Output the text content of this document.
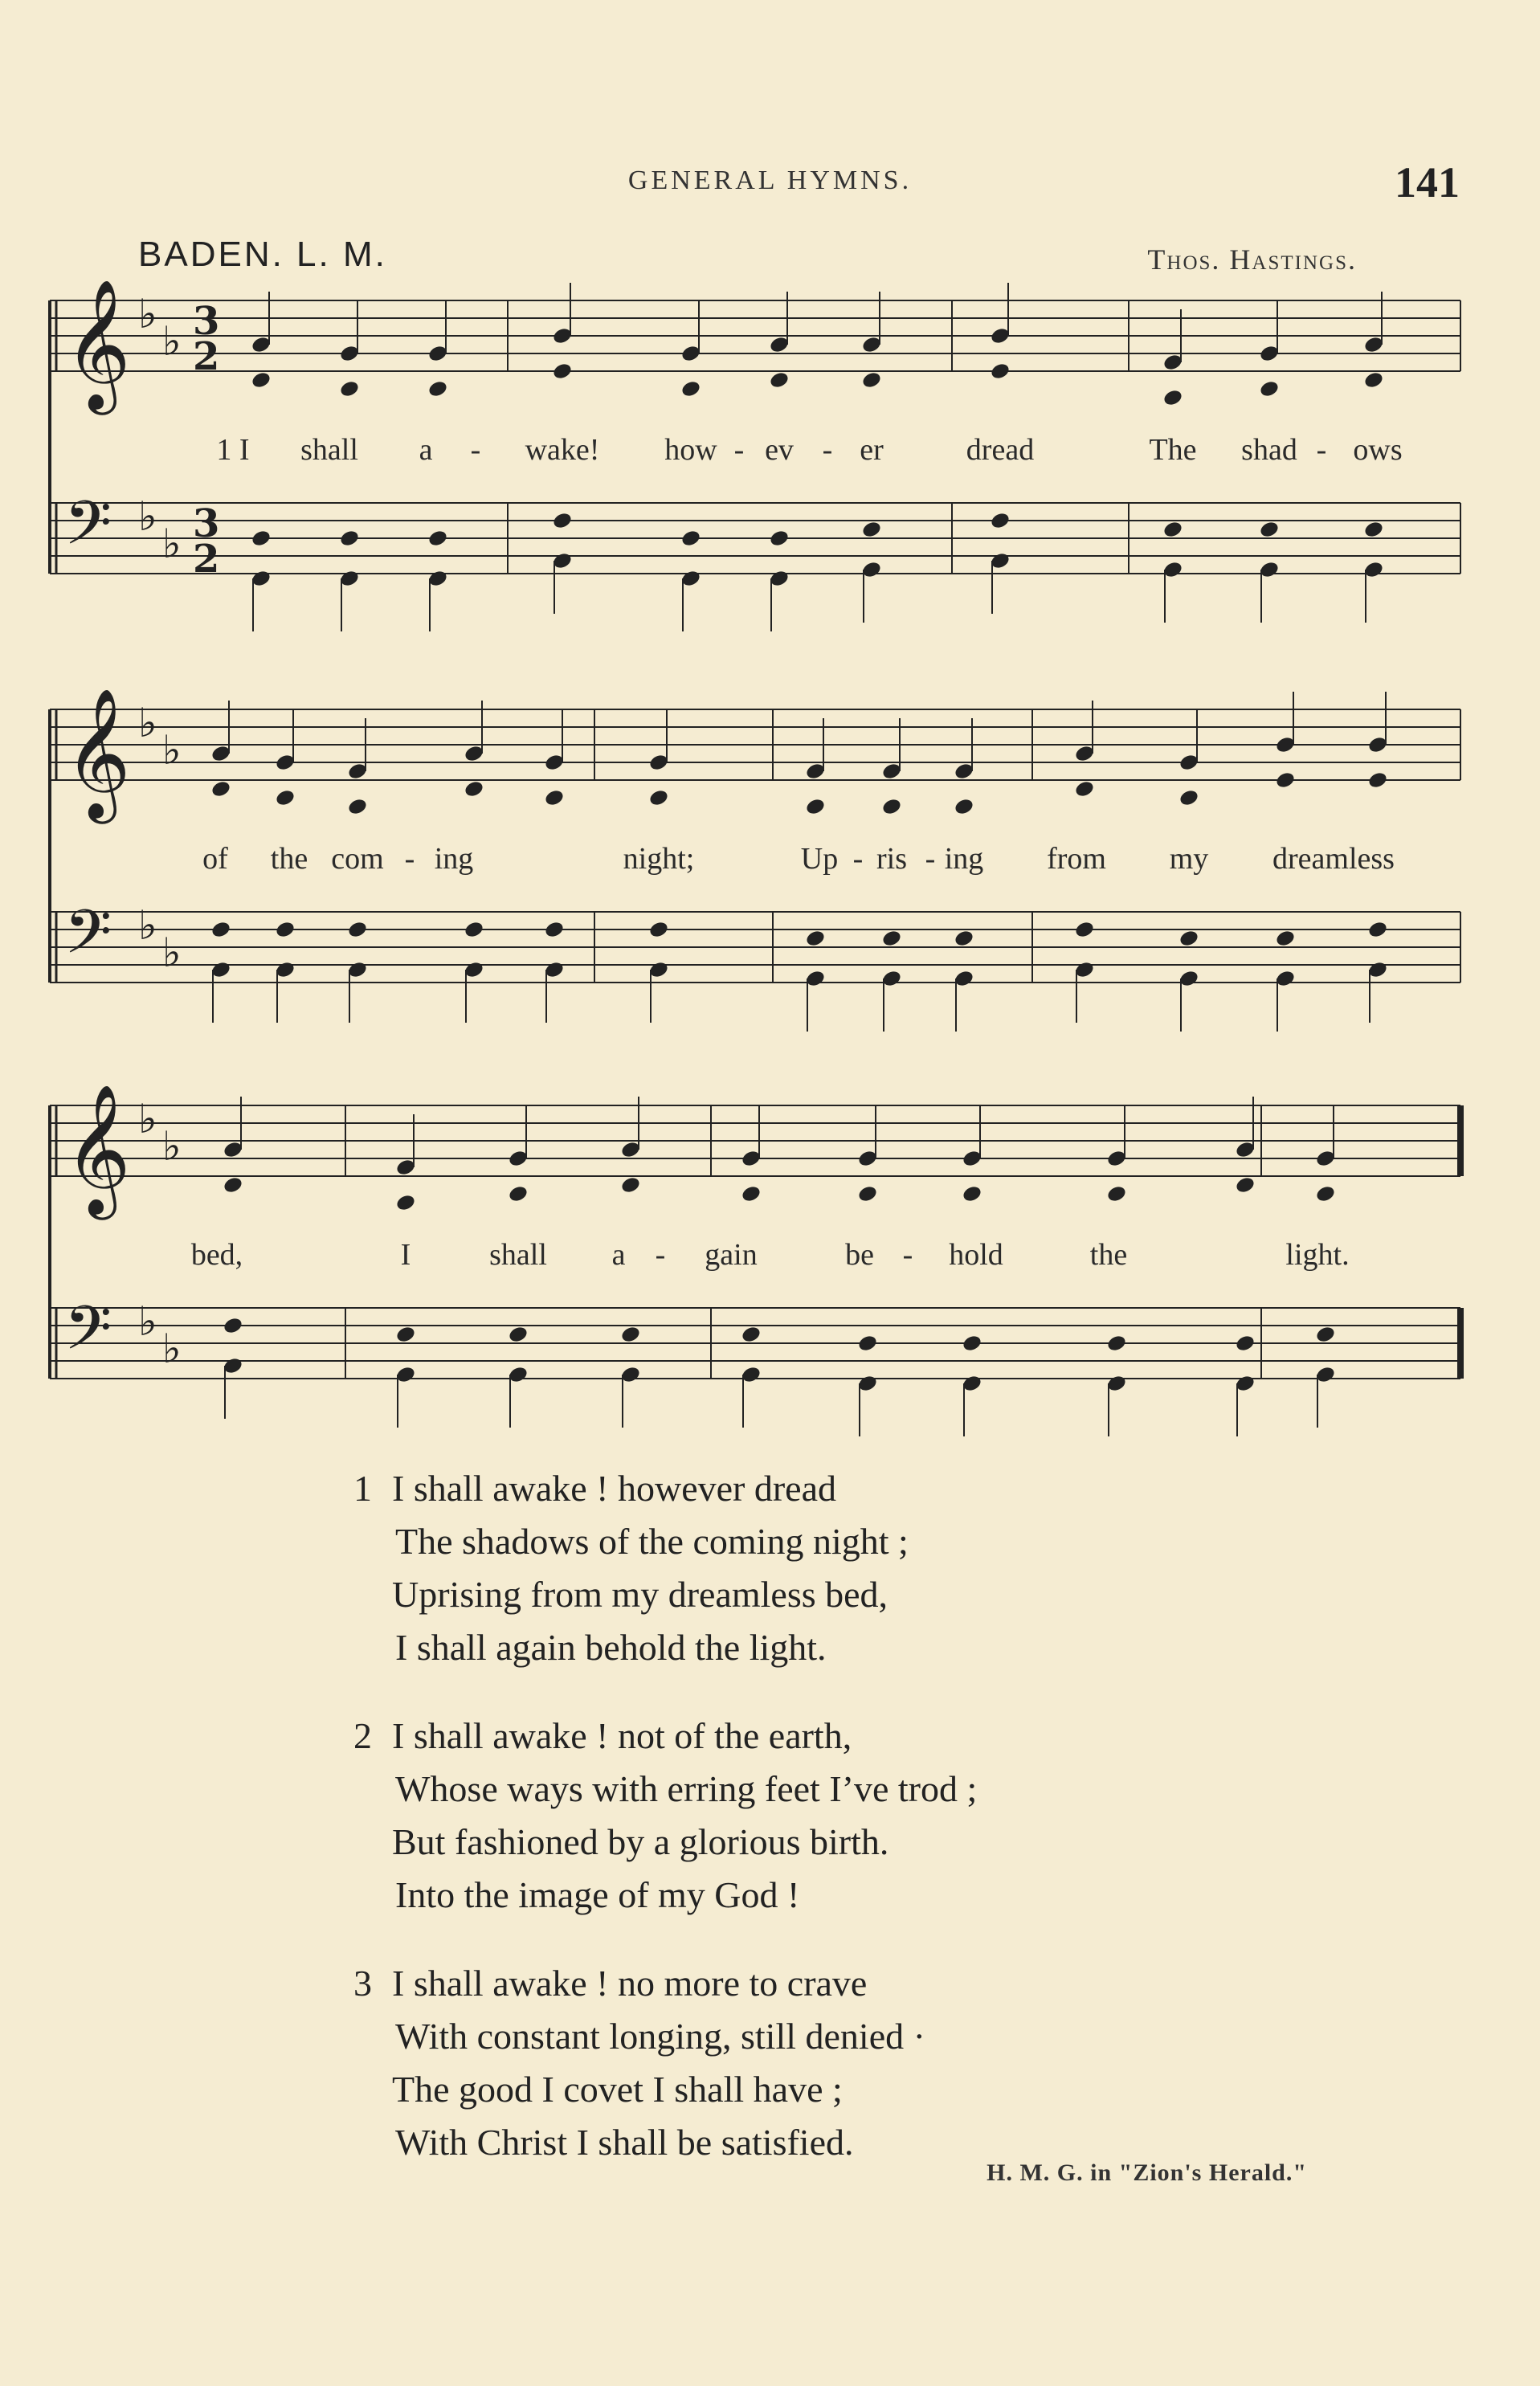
GENERAL HYMNS.	141
BADEN. L. M.	Thos. Hastings.
𝄞 ♭
♭ 3
2
𝄢 ♭
♭ 3
2
𝄞 ♭
♭
𝄢 ♭
♭
𝄞 ♭
♭
𝄢 ♭
♭
1 I shall a - wake! how - ev - er	dread	The shad - ows
of the com - ing	night;	Up - ris - ing from my dreamless
bed,	I	shall a - gain	be - hold	the	light.
1 I shall awake ! however dread
The shadows of the coming night ;
Uprising from my dreamless bed,
I shall again behold the light.
2 I shall awake ! not of the earth,
Whose ways with erring feet I’ve trod ;
But fashioned by a glorious birth.
Into the image of my God !
3 I shall awake ! no more to crave
With constant longing, still denied ·
The good I covet I shall have ;
With Christ I shall be satisfied.
H. M. G. in "Zion's Herald."
